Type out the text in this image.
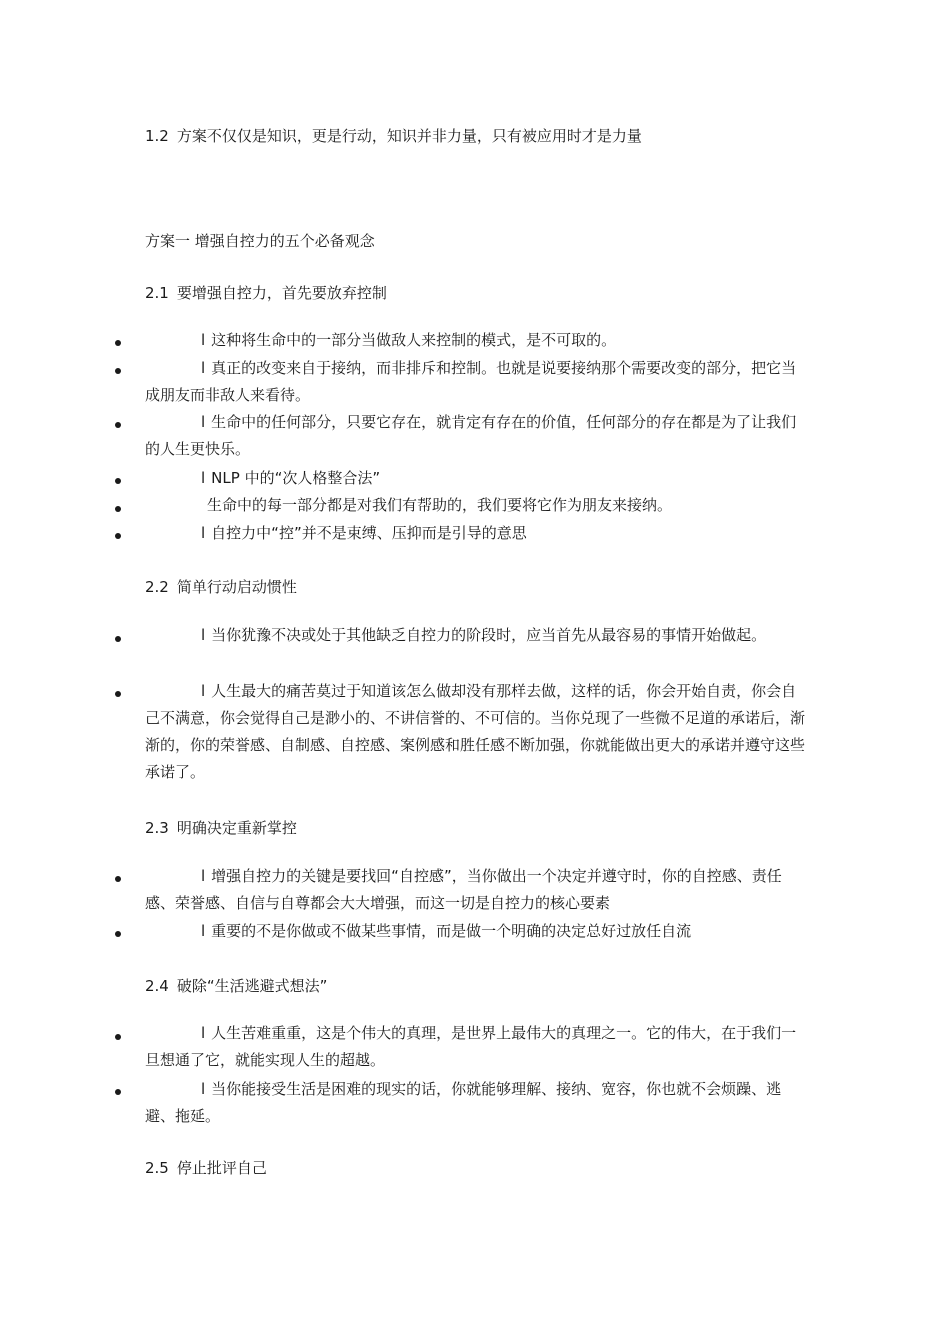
1.2 方案不仅仅是知识，更是行动，知识并非力量，只有被应用时才是力量
方案一 增强自控力的五个必备观念
2.1 要增强自控力，首先要放弃控制
l 这种将生命中的一部分当做敌人来控制的模式，是不可取的。
l 真正的改变来自于接纳，而非排斥和控制。也就是说要接纳那个需要改变的部分，把它当成朋友而非敌人来看待。
l 生命中的任何部分，只要它存在，就肯定有存在的价值，任何部分的存在都是为了让我们的人生更快乐。
l NLP 中的“次人格整合法”
生命中的每一部分都是对我们有帮助的，我们要将它作为朋友来接纳。
l 自控力中“控”并不是束缚、压抑而是引导的意思
2.2 简单行动启动惯性
l 当你犹豫不决或处于其他缺乏自控力的阶段时，应当首先从最容易的事情开始做起。
l 人生最大的痛苦莫过于知道该怎么做却没有那样去做，这样的话，你会开始自责，你会自己不满意，你会觉得自己是渺小的、不讲信誉的、不可信的。当你兑现了一些微不足道的承诺后，渐渐的，你的荣誉感、自制感、自控感、案例感和胜任感不断加强，你就能做出更大的承诺并遵守这些承诺了。
2.3 明确决定重新掌控
l 增强自控力的关键是要找回“自控感”，当你做出一个决定并遵守时，你的自控感、责任感、荣誉感、自信与自尊都会大大增强，而这一切是自控力的核心要素
l 重要的不是你做或不做某些事情，而是做一个明确的决定总好过放任自流
2.4 破除“生活逃避式想法”
l 人生苦难重重，这是个伟大的真理，是世界上最伟大的真理之一。它的伟大，在于我们一旦想通了它，就能实现人生的超越。
l 当你能接受生活是困难的现实的话，你就能够理解、接纳、宽容，你也就不会烦躁、逃避、拖延。
2.5 停止批评自己
